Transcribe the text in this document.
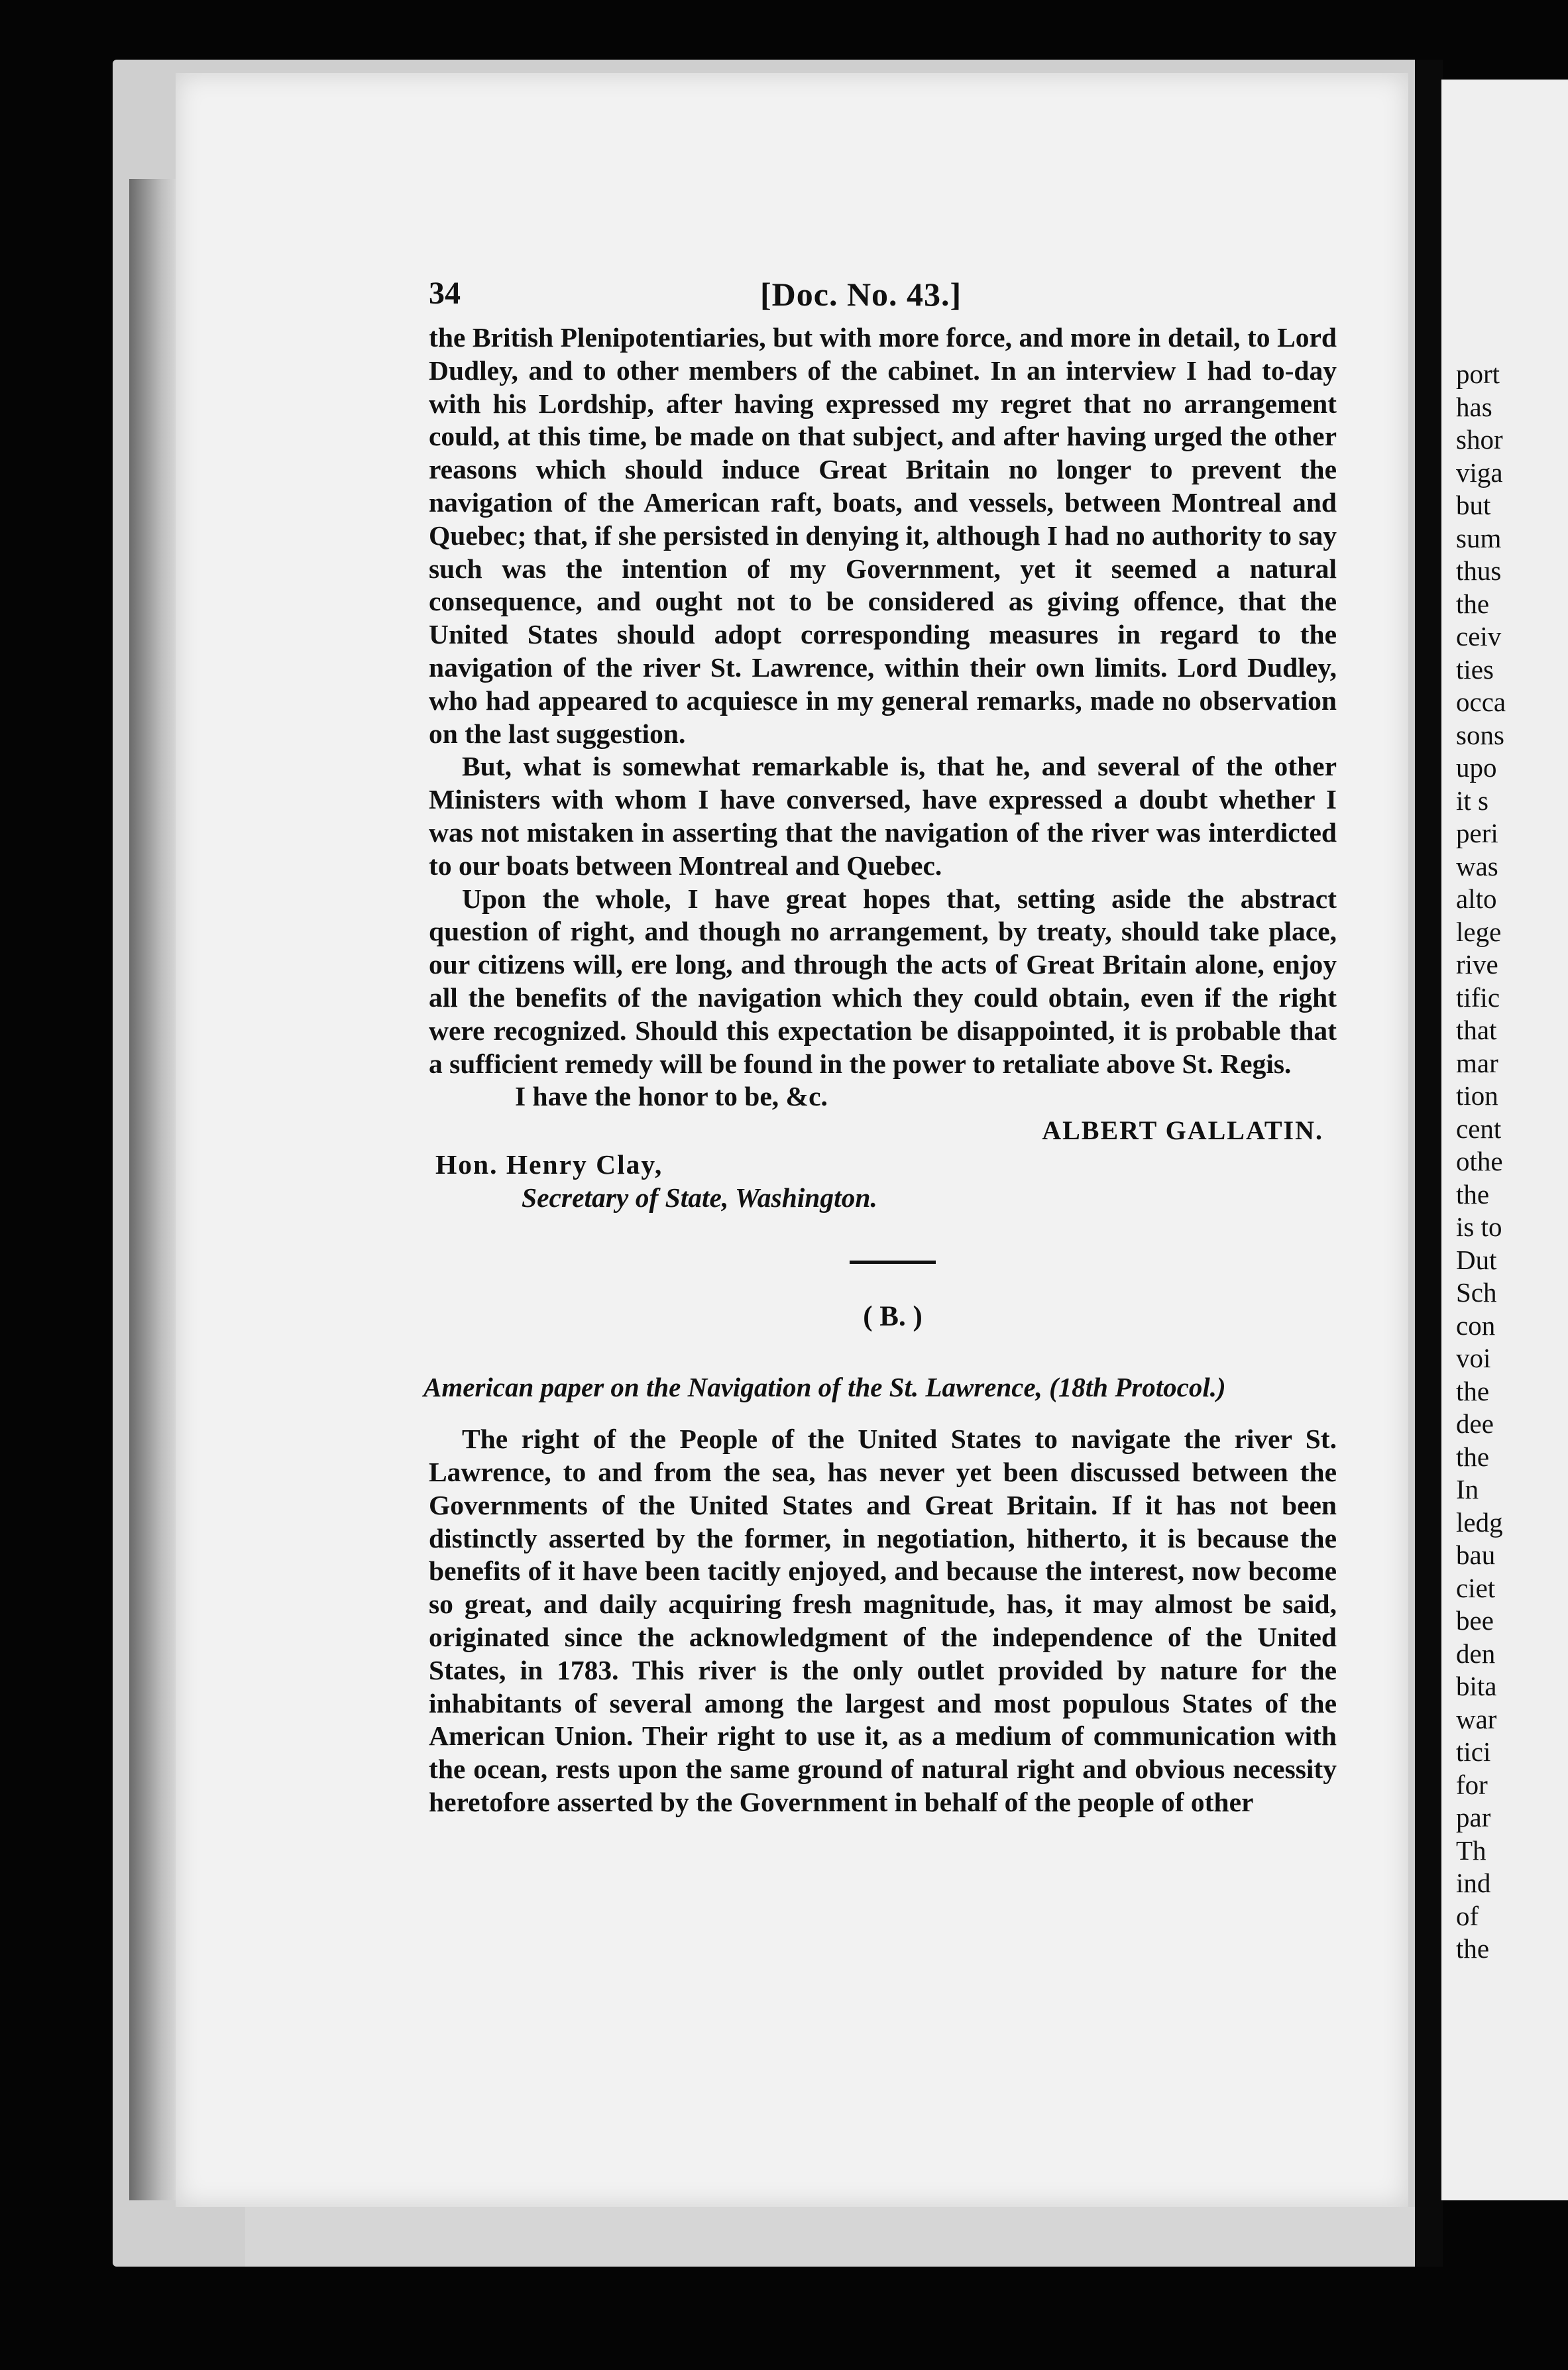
port
has
shor
viga
but
sum
thus
the
ceiv
ties
occa
sons
upo
it s
peri
was
alto
lege
rive
tific
that
mar
tion
cent
othe
the
is to
Dut
Sch
con
voi
the
dee
the
In
ledg
bau
ciet
bee
den
bita
war
tici
for
par
Th
ind
of
the
34	[Doc. No. 43.]

the British Plenipotentiaries, but with more force, and more in detail, to Lord Dudley, and to other members of the cabinet. In an interview I had to-day with his Lordship, after having expressed my regret that no arrangement could, at this time, be made on that subject, and after having urged the other reasons which should induce Great Britain no longer to prevent the navigation of the American raft, boats, and vessels, between Montreal and Quebec; that, if she persisted in denying it, although I had no authority to say such was the intention of my Government, yet it seemed a natural consequence, and ought not to be considered as giving offence, that the United States should adopt corresponding measures in regard to the navigation of the river St. Lawrence, within their own limits. Lord Dudley, who had appeared to acquiesce in my general remarks, made no observation on the last suggestion.

But, what is somewhat remarkable is, that he, and several of the other Ministers with whom I have conversed, have expressed a doubt whether I was not mistaken in asserting that the navigation of the river was interdicted to our boats between Montreal and Quebec.

Upon the whole, I have great hopes that, setting aside the abstract question of right, and though no arrangement, by treaty, should take place, our citizens will, ere long, and through the acts of Great Britain alone, enjoy all the benefits of the navigation which they could obtain, even if the right were recognized. Should this expectation be disappointed, it is probable that a sufficient remedy will be found in the power to retaliate above St. Regis.

I have the honor to be, &c.

ALBERT GALLATIN.

Hon. Henry Clay,

Secretary of State, Washington.

( B. )

American paper on the Navigation of the St. Lawrence, (18th Protocol.)

The right of the People of the United States to navigate the river St. Lawrence, to and from the sea, has never yet been discussed between the Governments of the United States and Great Britain. If it has not been distinctly asserted by the former, in negotiation, hitherto, it is because the benefits of it have been tacitly enjoyed, and because the interest, now become so great, and daily acquiring fresh magnitude, has, it may almost be said, originated since the acknowledgment of the independence of the United States, in 1783. This river is the only outlet provided by nature for the inhabitants of several among the largest and most populous States of the American Union. Their right to use it, as a medium of communication with the ocean, rests upon the same ground of natural right and obvious necessity heretofore asserted by the Government in behalf of the people of other
